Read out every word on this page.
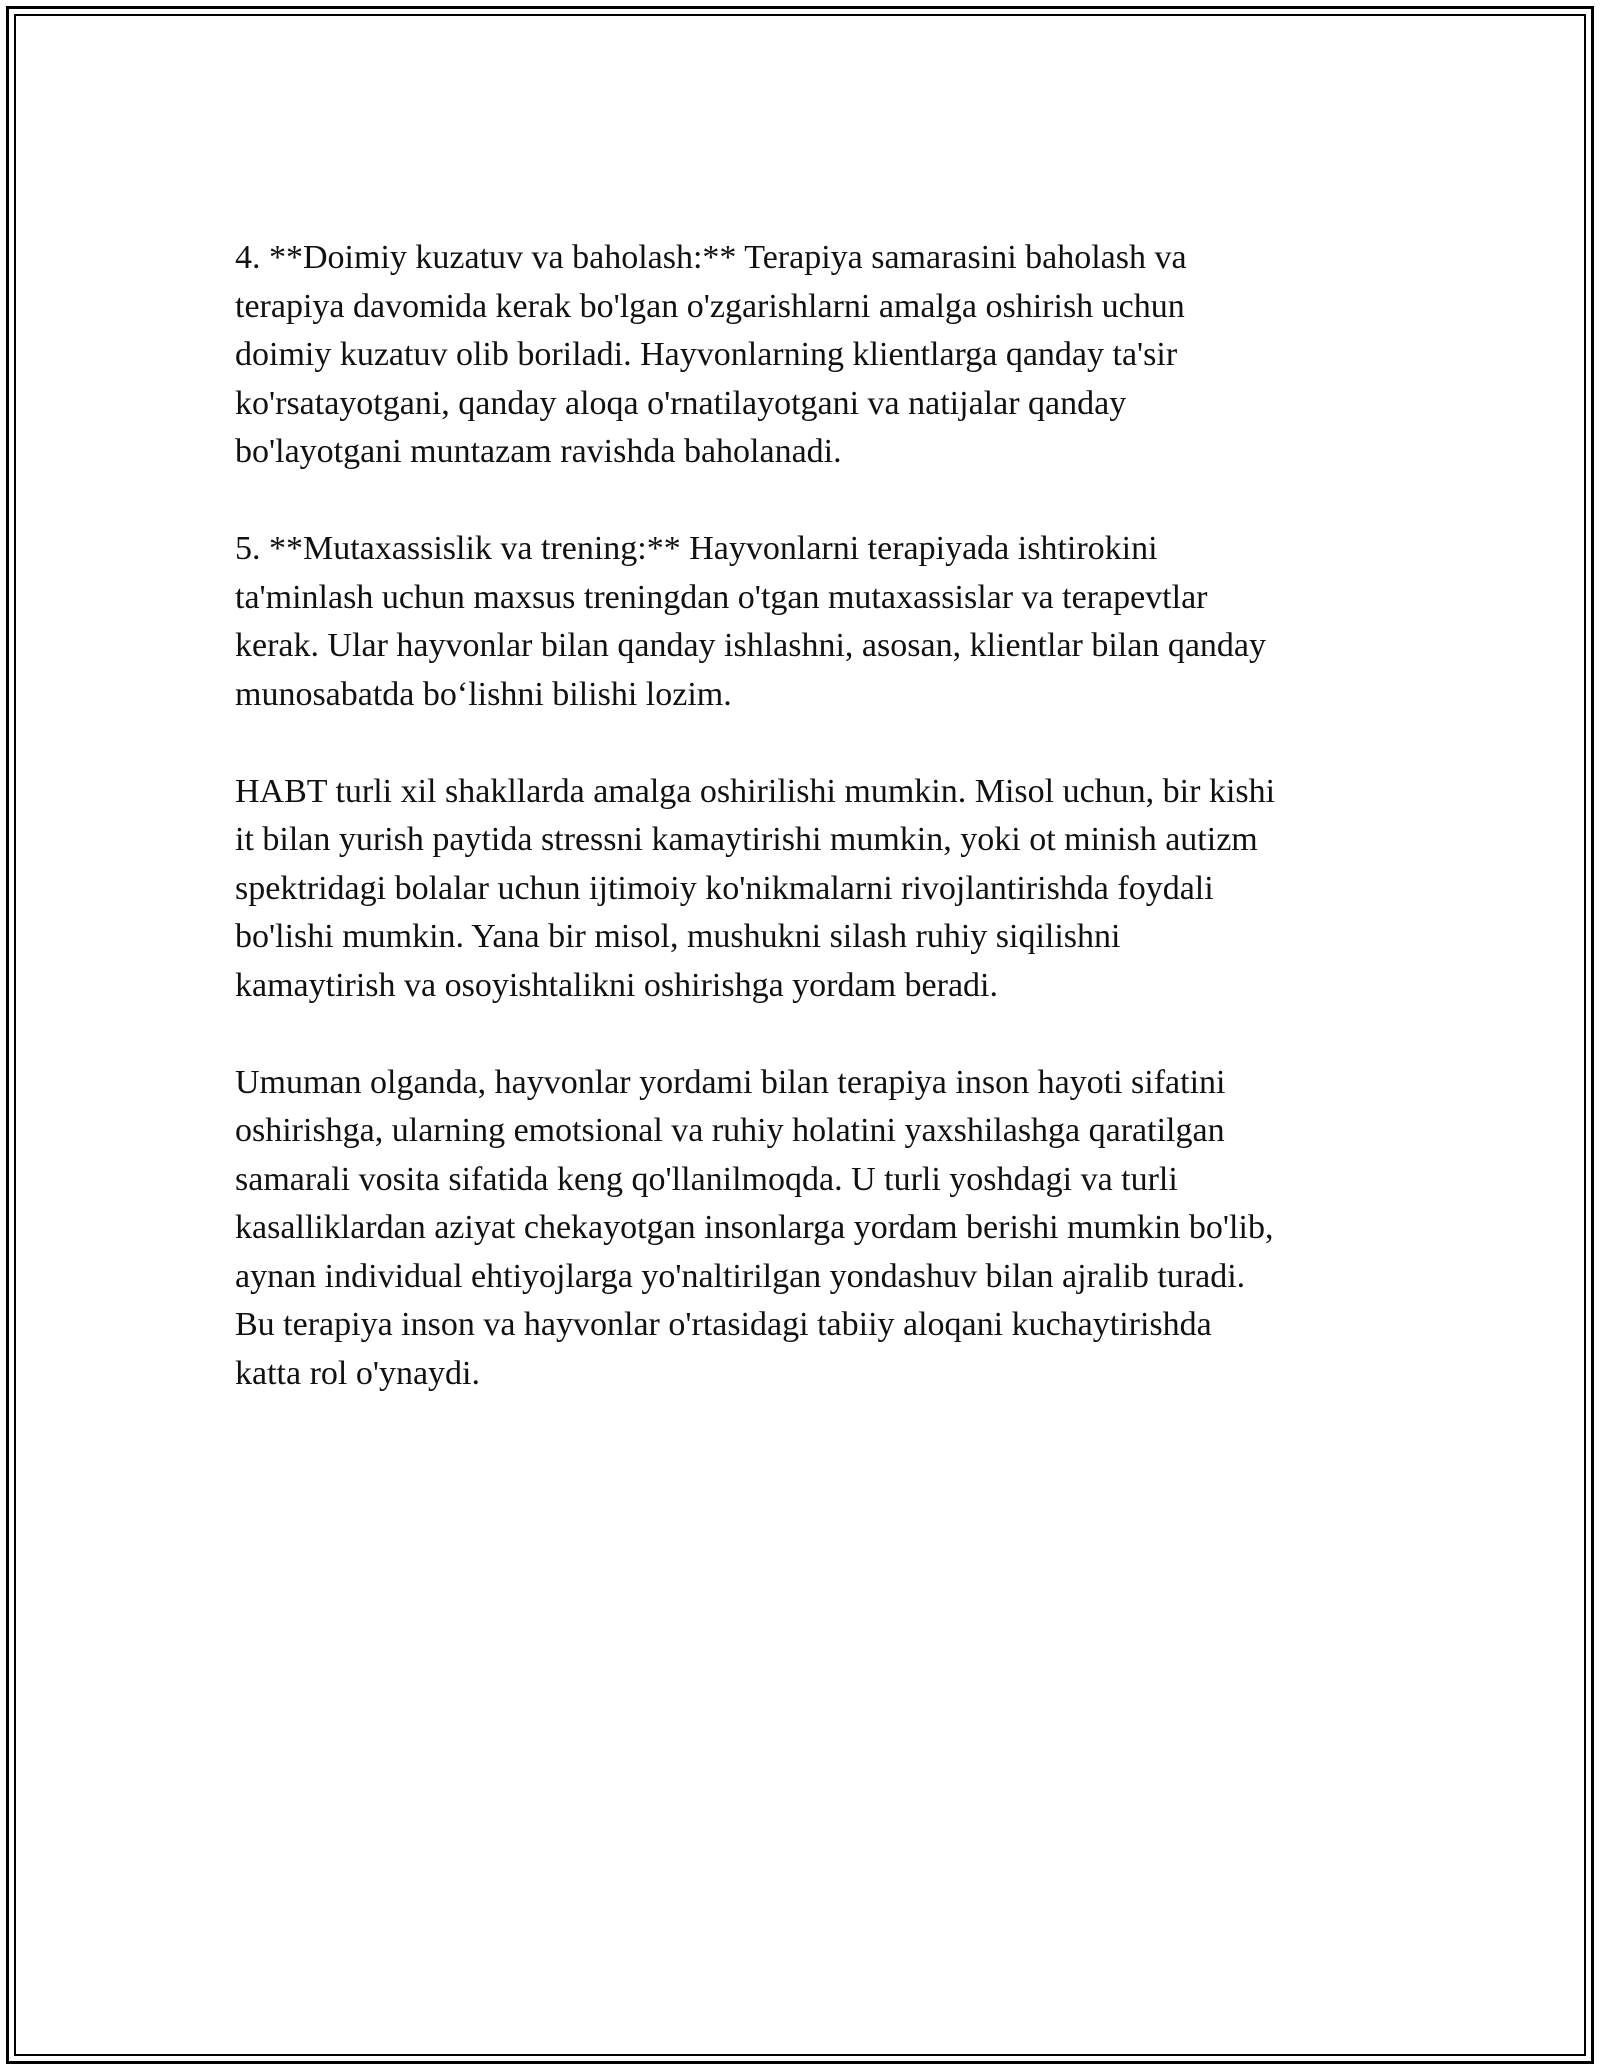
4. **Doimiy kuzatuv va baholash:** Terapiya samarasini baholash va
terapiya davomida kerak bo'lgan o'zgarishlarni amalga oshirish uchun
doimiy kuzatuv olib boriladi. Hayvonlarning klientlarga qanday ta'sir
ko'rsatayotgani, qanday aloqa o'rnatilayotgani va natijalar qanday
bo'layotgani muntazam ravishda baholanadi.

5. **Mutaxassislik va trening:** Hayvonlarni terapiyada ishtirokini
ta'minlash uchun maxsus treningdan o'tgan mutaxassislar va terapevtlar
kerak. Ular hayvonlar bilan qanday ishlashni, asosan, klientlar bilan qanday
munosabatda bo‘lishni bilishi lozim.

HABT turli xil shakllarda amalga oshirilishi mumkin. Misol uchun, bir kishi
it bilan yurish paytida stressni kamaytirishi mumkin, yoki ot minish autizm
spektridagi bolalar uchun ijtimoiy ko'nikmalarni rivojlantirishda foydali
bo'lishi mumkin. Yana bir misol, mushukni silash ruhiy siqilishni
kamaytirish va osoyishtalikni oshirishga yordam beradi.

Umuman olganda, hayvonlar yordami bilan terapiya inson hayoti sifatini
oshirishga, ularning emotsional va ruhiy holatini yaxshilashga qaratilgan
samarali vosita sifatida keng qo'llanilmoqda. U turli yoshdagi va turli
kasalliklardan aziyat chekayotgan insonlarga yordam berishi mumkin bo'lib,
aynan individual ehtiyojlarga yo'naltirilgan yondashuv bilan ajralib turadi.
Bu terapiya inson va hayvonlar o'rtasidagi tabiiy aloqani kuchaytirishda
katta rol o'ynaydi.
